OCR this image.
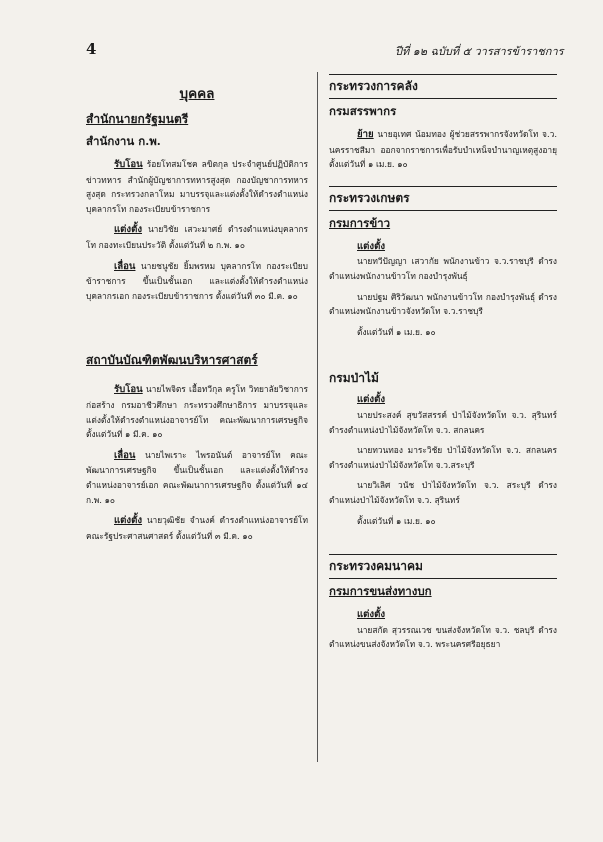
4	ปีที่ ๑๒ ฉบับที่ ๕ วารสารข้าราชการ
บุคคล
สำนักนายกรัฐมนตรี
สำนักงาน ก.พ.

รับโอน ร้อยโทสมโชค ลขิตกุล ประจำศูนย์ปฏิบัติการข่าวทหาร สำนักผู้บัญชาการทหารสูงสุด กองบัญชาการทหารสูงสุด กระทรวงกลาโหม มาบรรจุและแต่งตั้งให้ดำรงตำแหน่งบุคลากรโท กองระเบียบข้าราชการ

แต่งตั้ง นายวิชัย เสวะมาศย์ ดำรงตำแหน่งบุคลากรโท กองทะเบียนประวัติ ตั้งแต่วันที่ ๒ ก.พ. ๑๐

เลื่อน นายชนูชัย ยิ้มพรหม บุคลากรโท กองระเบียบข้าราชการ ขึ้นเป็นชั้นเอก และแต่งตั้งให้ดำรงตำแหน่งบุคลากรเอก กองระเบียบข้าราชการ ตั้งแต่วันที่ ๓๐ มี.ค. ๑๐

สถาบันบัณฑิตพัฒนบริหารศาสตร์

รับโอน นายไพจิตร เอื้อทวีกุล ครูโท วิทยาลัยวิชาการก่อสร้าง กรมอาชีวศึกษา กระทรวงศึกษาธิการ มาบรรจุและแต่งตั้งให้ดำรงตำแหน่งอาจารย์โท คณะพัฒนาการเศรษฐกิจ ตั้งแต่วันที่ ๑ มี.ค. ๑๐

เลื่อน นายไพเราะ ไพรอนันต์ อาจารย์โท คณะพัฒนาการเศรษฐกิจ ขึ้นเป็นชั้นเอก และแต่งตั้งให้ดำรงตำแหน่งอาจารย์เอก คณะพัฒนาการเศรษฐกิจ ตั้งแต่วันที่ ๑๔ ก.พ. ๑๐

แต่งตั้ง นายวุฒิชัย จำนงค์ ดำรงตำแหน่งอาจารย์โท คณะรัฐประศาสนศาสตร์ ตั้งแต่วันที่ ๓ มี.ค. ๑๐

กระทรวงการคลัง
กรมสรรพากร

ย้าย นายอุเทศ น้อมทอง ผู้ช่วยสรรพากรจังหวัดโท จ.ว. นครราชสีมา ออกจากราชการเพื่อรับบำเหน็จบำนาญเหตุสูงอายุ ตั้งแต่วันที่ ๑ เม.ย. ๑๐

กระทรวงเกษตร
กรมการข้าว
แต่งตั้ง

นายทวีปัญญา เสวากัย พนักงานข้าว จ.ว.ราชบุรี ดำรงตำแหน่งพนักงานข้าวโท กองบำรุงพันธุ์

นายปฐม ศิริวัฒนา พนักงานข้าวโท กองบำรุงพันธุ์ ดำรงตำแหน่งพนักงานข้าวจังหวัดโท จ.ว.ราชบุรี

ตั้งแต่วันที่ ๑ เม.ย. ๑๐
กรมป่าไม้
แต่งตั้ง

นายประสงค์ สุขวัสสรรค์ ป่าไม้จังหวัดโท จ.ว. สุรินทร์ ดำรงตำแหน่งป่าไม้จังหวัดโท จ.ว. สกลนคร

นายทวนทอง มาระวิชัย ป่าไม้จังหวัดโท จ.ว. สกลนคร ดำรงตำแหน่งป่าไม้จังหวัดโท จ.ว.สระบุรี

นายวิเลิศ วนัช ป่าไม้จังหวัดโท จ.ว. สระบุรี ดำรงตำแหน่งป่าไม้จังหวัดโท จ.ว. สุรินทร์

ตั้งแต่วันที่ ๑ เม.ย. ๑๐
กระทรวงคมนาคม
กรมการขนส่งทางบก
แต่งตั้ง

นายสกัด สุวรรณเวช ขนส่งจังหวัดโท จ.ว. ชลบุรี ดำรงตำแหน่งขนส่งจังหวัดโท จ.ว. พระนครศรีอยุธยา
